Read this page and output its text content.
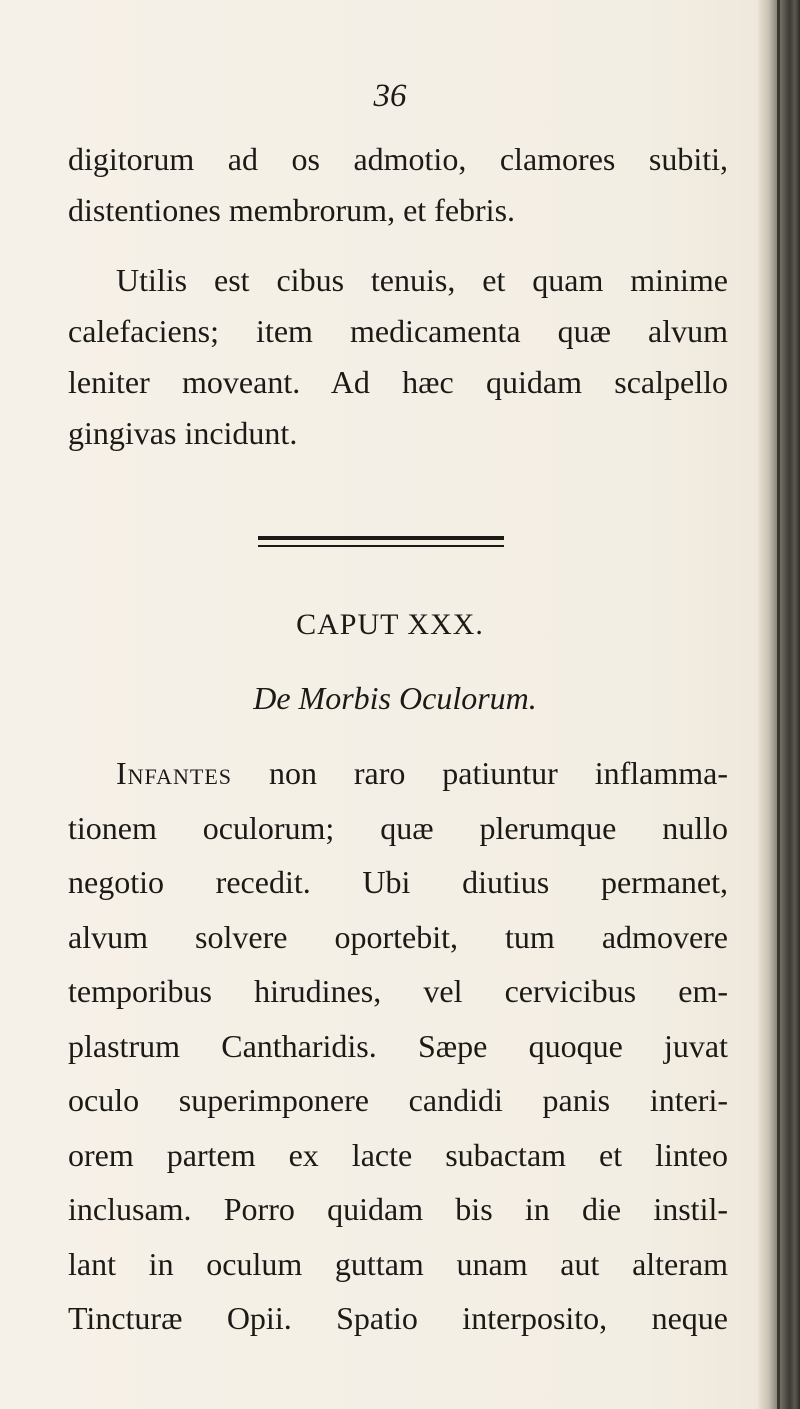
36

digitorum ad os admotio, clamores subiti,
distentiones membrorum, et febris.

Utilis est cibus tenuis, et quam minime
calefaciens; item medicamenta quæ alvum
leniter moveant. Ad hæc quidam scalpello
gingivas incidunt.

CAPUT XXX.
De Morbis Oculorum.

Infantes non raro patiuntur inflamma-
tionem oculorum; quæ plerumque nullo
negotio recedit. Ubi diutius permanet,
alvum solvere oportebit, tum admovere
temporibus hirudines, vel cervicibus em-
plastrum Cantharidis. Sæpe quoque juvat
oculo superimponere candidi panis interi-
orem partem ex lacte subactam et linteo
inclusam. Porro quidam bis in die instil-
lant in oculum guttam unam aut alteram
Tincturæ Opii. Spatio interposito, neque
